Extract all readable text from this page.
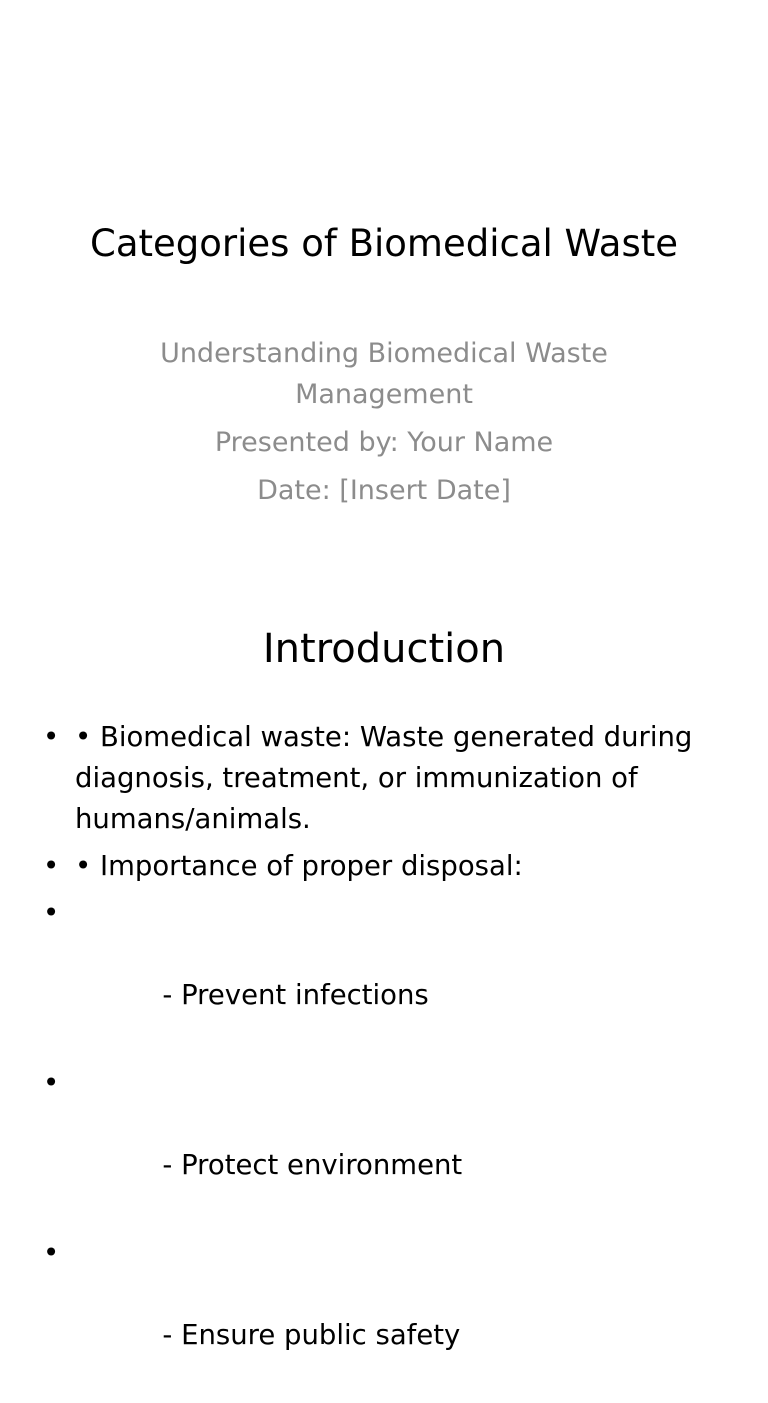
Categories of Biomedical Waste
Understanding Biomedical Waste
Management
Presented by: Your Name
Date: [Insert Date]
Introduction
• • Biomedical waste: Waste generated during diagnosis, treatment, or immunization of humans/animals.
• • Importance of proper disposal:

•

- Prevent infections

•

- Protect environment

•

- Ensure public safety
